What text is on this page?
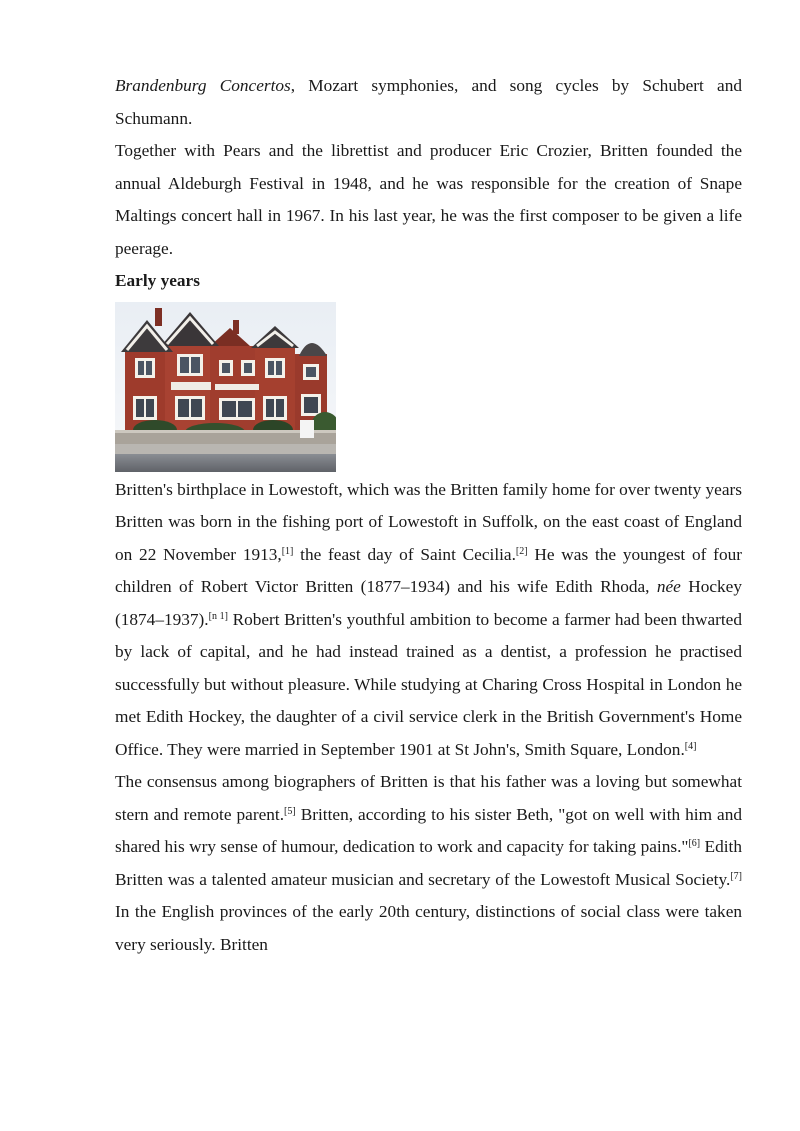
Brandenburg Concertos, Mozart symphonies, and song cycles by Schubert and Schumann.

Together with Pears and the librettist and producer Eric Crozier, Britten founded the annual Aldeburgh Festival in 1948, and he was responsible for the creation of Snape Maltings concert hall in 1967. In his last year, he was the first composer to be given a life peerage.

Early years

Britten's birthplace in Lowestoft, which was the Britten family home for over twenty years

Britten was born in the fishing port of Lowestoft in Suffolk, on the east coast of England on 22 November 1913,[1] the feast day of Saint Cecilia.[2] He was the youngest of four children of Robert Victor Britten (1877–1934) and his wife Edith Rhoda, née Hockey (1874–1937).[n 1] Robert Britten's youthful ambition to become a farmer had been thwarted by lack of capital, and he had instead trained as a dentist, a profession he practised successfully but without pleasure. While studying at Charing Cross Hospital in London he met Edith Hockey, the daughter of a civil service clerk in the British Government's Home Office. They were married in September 1901 at St John's, Smith Square, London.[4]

The consensus among biographers of Britten is that his father was a loving but somewhat stern and remote parent.[5] Britten, according to his sister Beth, "got on well with him and shared his wry sense of humour, dedication to work and capacity for taking pains."[6] Edith Britten was a talented amateur musician and secretary of the Lowestoft Musical Society.[7] In the English provinces of the early 20th century, distinctions of social class were taken very seriously. Britten
